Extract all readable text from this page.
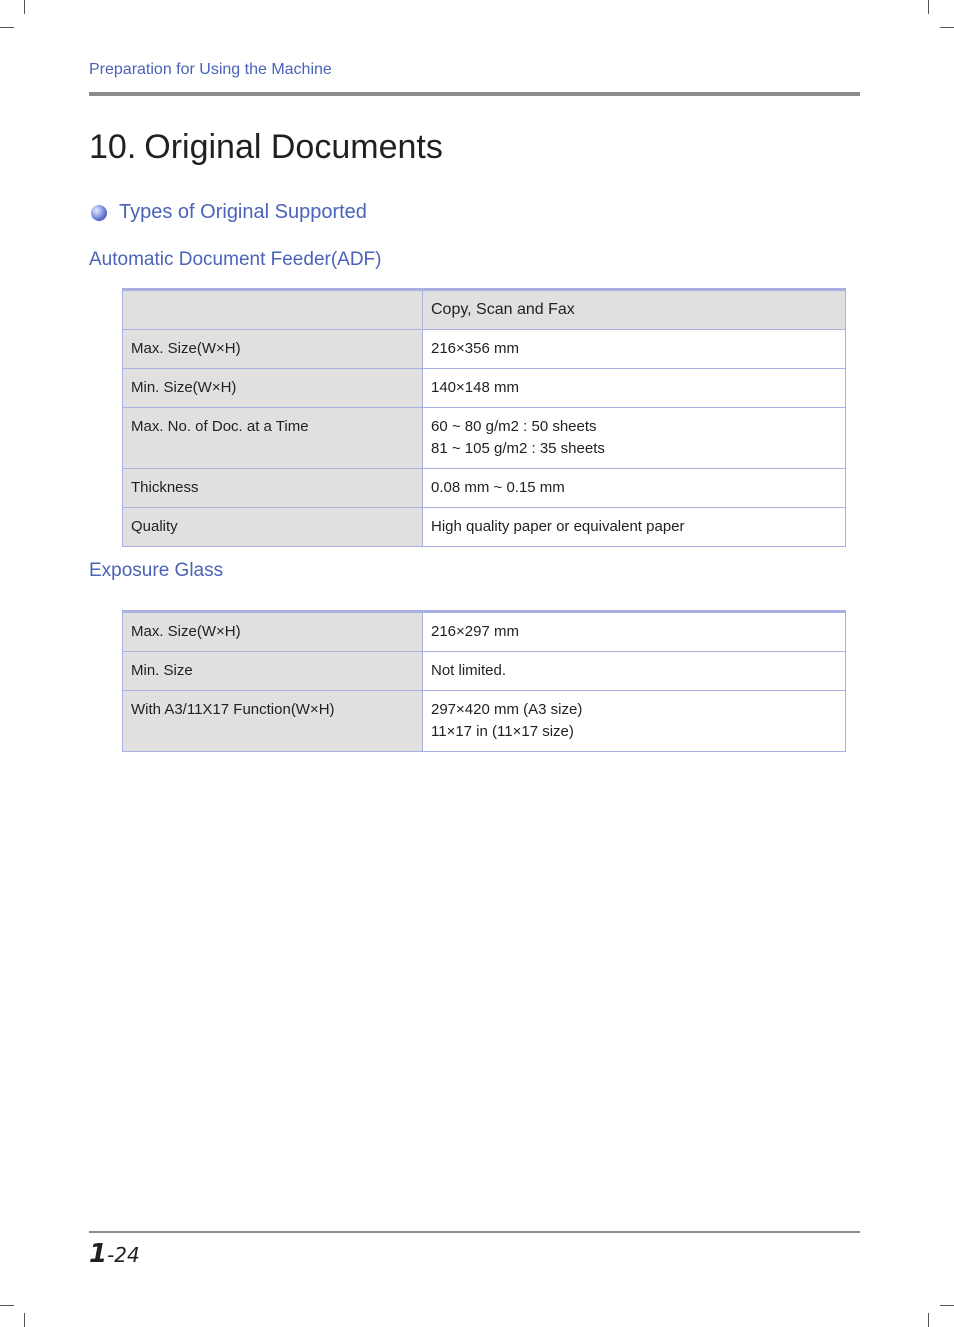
Preparation for Using the Machine
10. Original Documents
Types of Original Supported
Automatic Document Feeder(ADF)
	Copy, Scan and Fax
Max. Size(W×H)	216×356 mm

Min. Size(W×H)	140×148 mm

Max. No. of Doc. at a Time	60 ~ 80 g/m2 : 50 sheets
81 ~ 105 g/m2 : 35 sheets

Thickness	0.08 mm ~ 0.15 mm

Quality	High quality paper or equivalent paper
Exposure Glass
Max. Size(W×H)	216×297 mm

Min. Size	Not limited.

With A3/11X17 Function(W×H)	297×420 mm (A3 size)
11×17 in (11×17 size)
1-24
